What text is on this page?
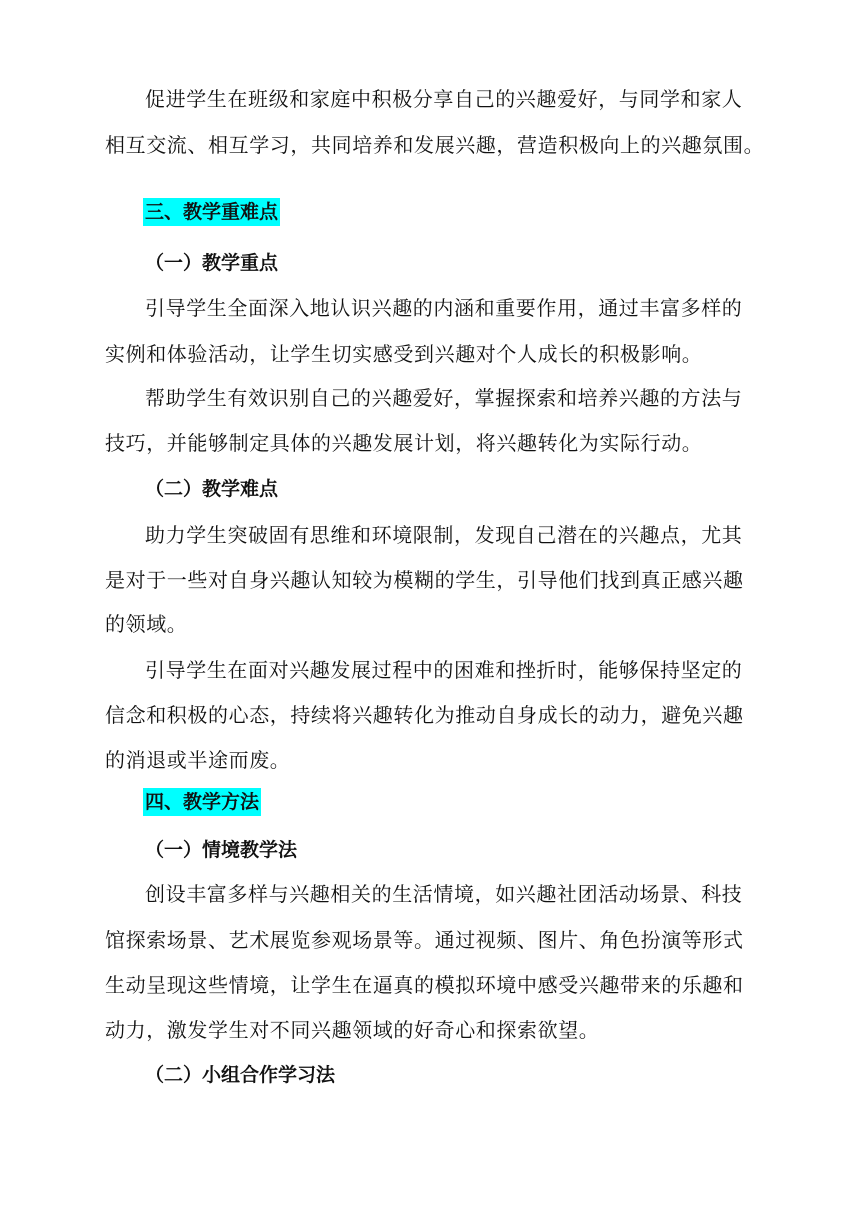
促进学生在班级和家庭中积极分享自己的兴趣爱好，与同学和家人
相互交流、相互学习，共同培养和发展兴趣，营造积极向上的兴趣氛围。
三、教学重难点
（一）教学重点
引导学生全面深入地认识兴趣的内涵和重要作用，通过丰富多样的
实例和体验活动，让学生切实感受到兴趣对个人成长的积极影响。
帮助学生有效识别自己的兴趣爱好，掌握探索和培养兴趣的方法与
技巧，并能够制定具体的兴趣发展计划，将兴趣转化为实际行动。
（二）教学难点
助力学生突破固有思维和环境限制，发现自己潜在的兴趣点，尤其
是对于一些对自身兴趣认知较为模糊的学生，引导他们找到真正感兴趣
的领域。
引导学生在面对兴趣发展过程中的困难和挫折时，能够保持坚定的
信念和积极的心态，持续将兴趣转化为推动自身成长的动力，避免兴趣
的消退或半途而废。
四、教学方法
（一）情境教学法
创设丰富多样与兴趣相关的生活情境，如兴趣社团活动场景、科技
馆探索场景、艺术展览参观场景等。通过视频、图片、角色扮演等形式
生动呈现这些情境，让学生在逼真的模拟环境中感受兴趣带来的乐趣和
动力，激发学生对不同兴趣领域的好奇心和探索欲望。
（二）小组合作学习法
